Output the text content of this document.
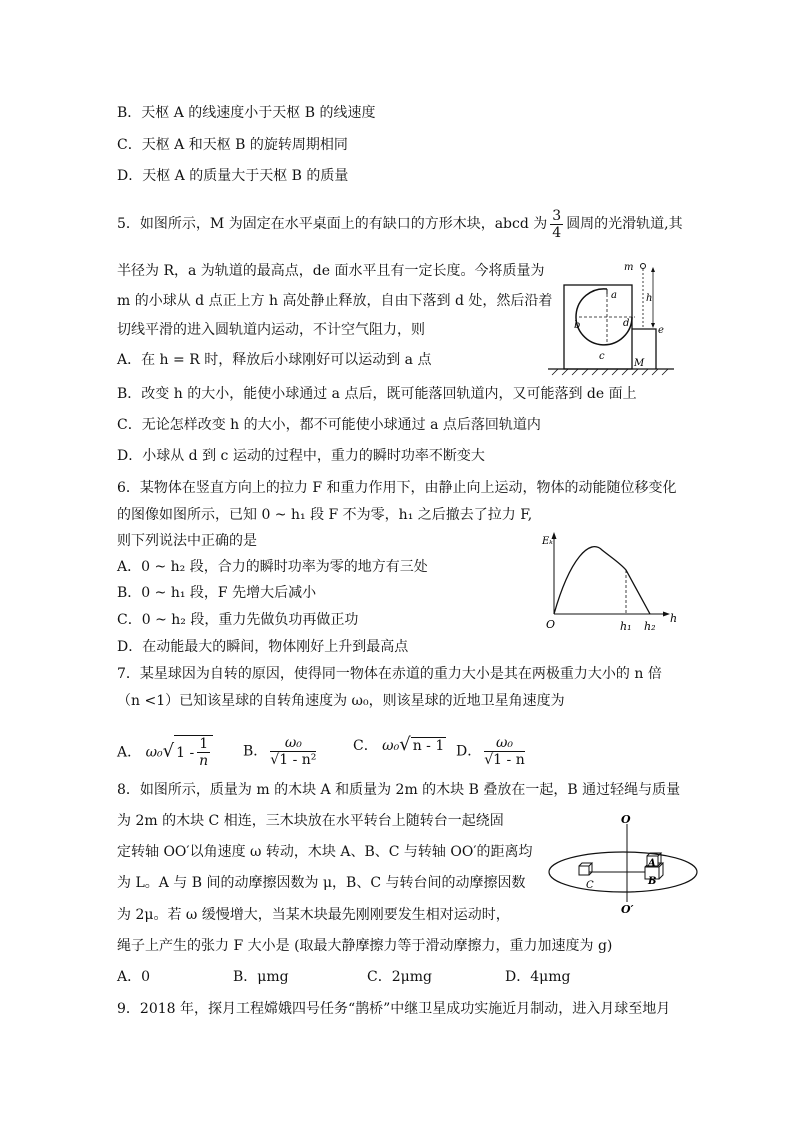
B．天枢 A 的线速度小于天枢 B 的线速度
C．天枢 A 和天枢 B 的旋转周期相同
D．天枢 A 的质量大于天枢 B 的质量
5．如图所示，M 为固定在水平桌面上的有缺口的方形木块，abcd 为 $\frac{3}{4}$ 圆周的光滑轨道,其
半径为 R，a 为轨道的最高点，de 面水平且有一定长度。今将质量为
m 的小球从 d 点正上方 h 高处静止释放，自由下落到 d 处，然后沿着
切线平滑的进入圆轨道内运动，不计空气阻力，则
A．在 h = R 时，释放后小球刚好可以运动到 a 点
B．改变 h 的大小，能使小球通过 a 点后，既可能落回轨道内，又可能落到 de 面上
C．无论怎样改变 h 的大小，都不可能使小球通过 a 点后落回轨道内
D．小球从 d 到 c 运动的过程中，重力的瞬时功率不断变大
m
h
a
b
c
d
e
M
6．某物体在竖直方向上的拉力 F 和重力作用下，由静止向上运动，物体的动能随位移变化
的图像如图所示，已知 0 ~ h₁ 段 F 不为零，h₁ 之后撤去了拉力 F,
则下列说法中正确的是
A．0 ~ h₂ 段，合力的瞬时功率为零的地方有三处
B．0 ~ h₁ 段，F 先增大后减小
C．0 ~ h₂ 段，重力先做负功再做正功
D．在动能最大的瞬间，物体刚好上升到最高点
Eₖ
h
O	h₁ h₂
7．某星球因为自转的原因，使得同一物体在赤道的重力大小是其在两极重力大小的 n 倍
（n <1）已知该星球的自转角速度为 ω₀，则该星球的近地卫星角速度为
A． ω₀√ $1 - \frac{1}{n}$ B． $\frac{\text{ω₀}}{\text{√1 - n²}}$	C． ω₀√ n - 1 D． $\frac{\text{ω₀}}{√1 - n}$
8．如图所示，质量为 m 的木块 A 和质量为 2m 的木块 B 叠放在一起，B 通过轻绳与质量
为 2m 的木块 C 相连，三木块放在水平转台上随转台一起绕固
定转轴 OO′以角速度 ω 转动，木块 A、B、C 与转轴 OO′的距离均
为 L。A 与 B 间的动摩擦因数为 μ，B、C 与转台间的动摩擦因数
为 2μ。若 ω 缓慢增大，当某木块最先刚刚要发生相对运动时，
绳子上产生的张力 F 大小是 (取最大静摩擦力等于滑动摩擦力，重力加速度为 g)
A．0	B．μmg	C．2μmg	D．4μmg
O
O′
A
B
C
9．2018 年，探月工程嫦娥四号任务“鹊桥”中继卫星成功实施近月制动，进入月球至地月
